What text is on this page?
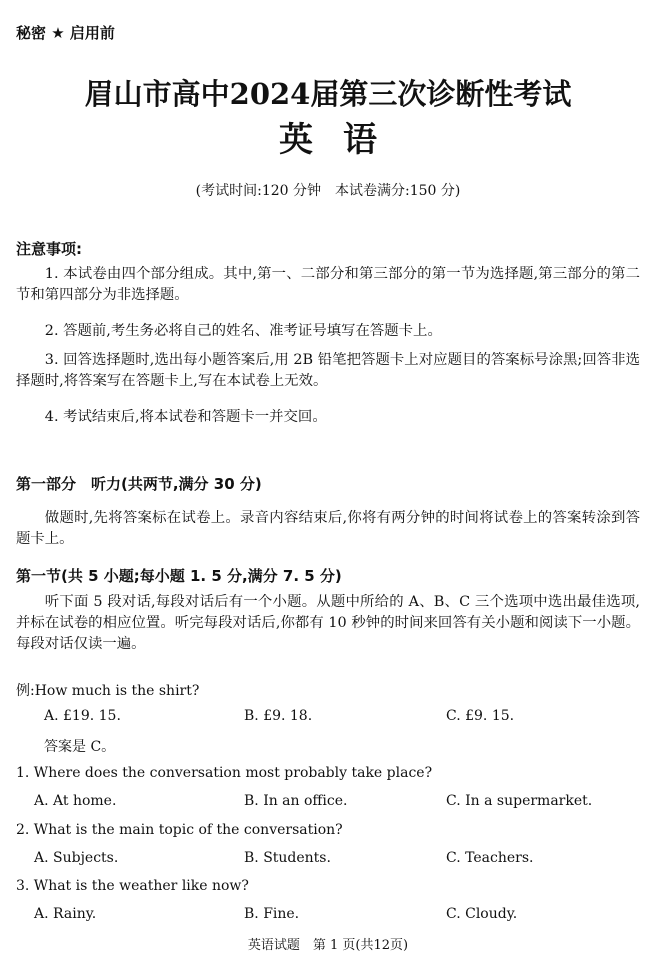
秘密 ★ 启用前
眉山市高中2024届第三次诊断性考试
英语
(考试时间:120 分钟　本试卷满分:150 分)
注意事项:
1. 本试卷由四个部分组成。其中,第一、二部分和第三部分的第一节为选择题,第三部分的第二节和第四部分为非选择题。
2. 答题前,考生务必将自己的姓名、准考证号填写在答题卡上。
3. 回答选择题时,选出每小题答案后,用 2B 铅笔把答题卡上对应题目的答案标号涂黑;回答非选择题时,将答案写在答题卡上,写在本试卷上无效。
4. 考试结束后,将本试卷和答题卡一并交回。
第一部分　听力(共两节,满分 30 分)
做题时,先将答案标在试卷上。录音内容结束后,你将有两分钟的时间将试卷上的答案转涂到答题卡上。
第一节(共 5 小题;每小题 1. 5 分,满分 7. 5 分)
听下面 5 段对话,每段对话后有一个小题。从题中所给的 A、B、C 三个选项中选出最佳选项,并标在试卷的相应位置。听完每段对话后,你都有 10 秒钟的时间来回答有关小题和阅读下一小题。每段对话仅读一遍。
例:How much is the shirt?
A. £19. 15.	B. £9. 18.	C. £9. 15.
答案是 C。
1. Where does the conversation most probably take place?
A. At home.	B. In an office.	C. In a supermarket.
2. What is the main topic of the conversation?
A. Subjects.	B. Students.	C. Teachers.
3. What is the weather like now?
A. Rainy.	B. Fine.	C. Cloudy.
英语试题　第 1 页(共12页)
